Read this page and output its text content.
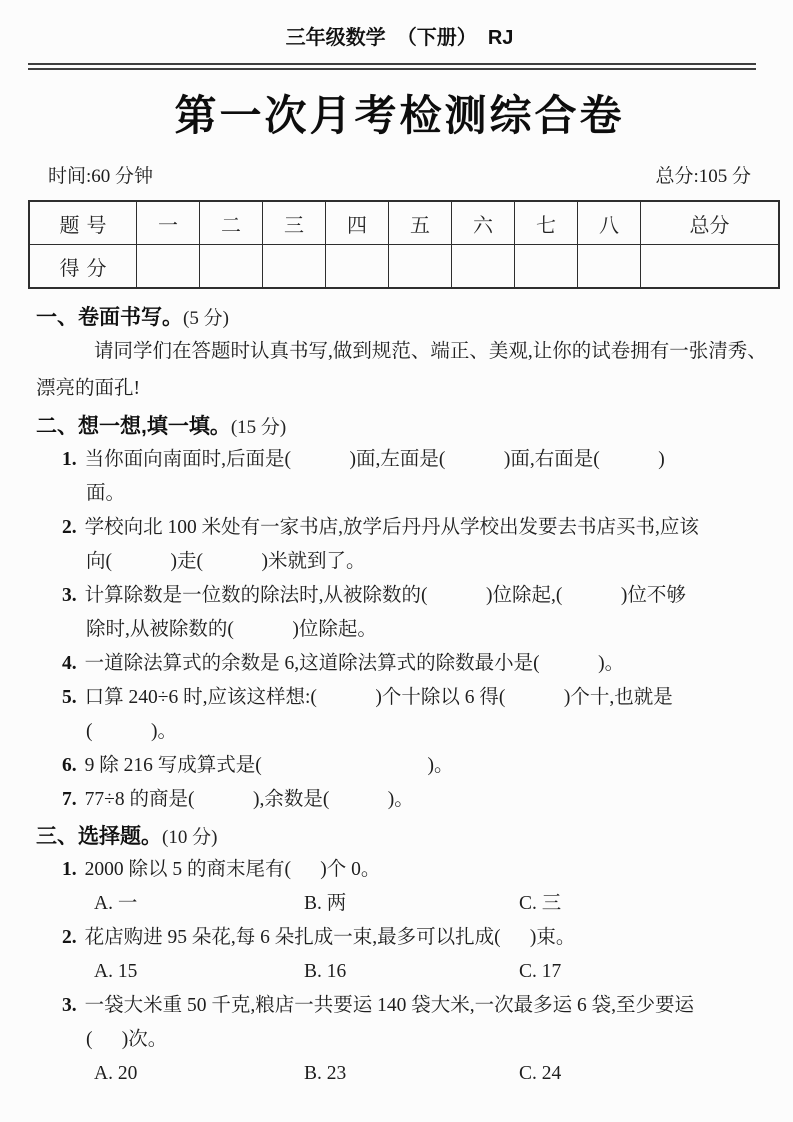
三年级数学  （下册）  RJ
第一次月考检测综合卷
时间:60 分钟	总分:105 分
题号	一	二	三	四	五	六	七	八	总分
得分									
一、卷面书写。(5 分)
请同学们在答题时认真书写,做到规范、端正、美观,让你的试卷拥有一张清秀、
漂亮的面孔!
二、想一想,填一填。(15 分)
1. 当你面向南面时,后面是(            )面,左面是(            )面,右面是(            )
面。
2. 学校向北 100 米处有一家书店,放学后丹丹从学校出发要去书店买书,应该
向(            )走(            )米就到了。
3. 计算除数是一位数的除法时,从被除数的(            )位除起,(            )位不够
除时,从被除数的(            )位除起。
4. 一道除法算式的余数是 6,这道除法算式的除数最小是(            )。
5. 口算 240÷6 时,应该这样想:(            )个十除以 6 得(            )个十,也就是
(            )。
6. 9 除 216 写成算式是(                                  )。
7. 77÷8 的商是(            ),余数是(            )。
三、选择题。(10 分)
1. 2000 除以 5 的商末尾有(      )个 0。
A. 一	B. 两	C. 三
2. 花店购进 95 朵花,每 6 朵扎成一束,最多可以扎成(      )束。
A. 15	B. 16	C. 17
3. 一袋大米重 50 千克,粮店一共要运 140 袋大米,一次最多运 6 袋,至少要运
(      )次。
A. 20	B. 23	C. 24
